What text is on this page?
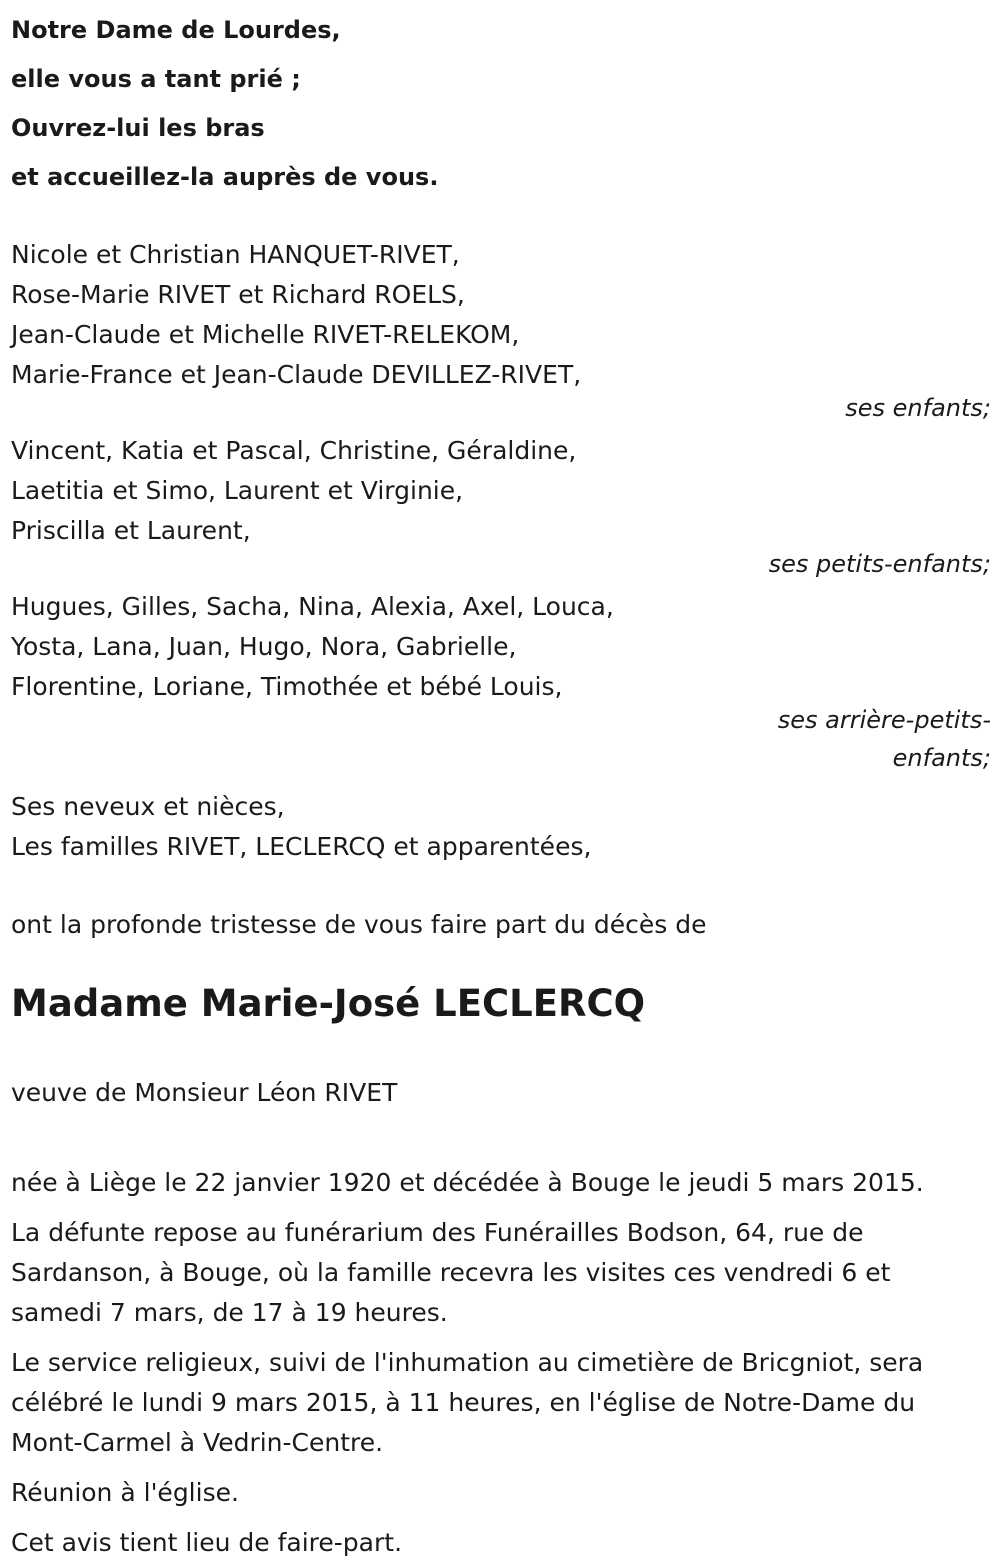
Notre Dame de Lourdes,
elle vous a tant prié ;
Ouvrez-lui les bras
et accueillez-la auprès de vous.
Nicole et Christian HANQUET-RIVET,
Rose-Marie RIVET et Richard ROELS,
Jean-Claude et Michelle RIVET-RELEKOM,
Marie-France et Jean-Claude DEVILLEZ-RIVET,
ses enfants;
Vincent, Katia et Pascal, Christine, Géraldine,
Laetitia et Simo, Laurent et Virginie,
Priscilla et Laurent,
ses petits-enfants;
Hugues, Gilles, Sacha, Nina, Alexia, Axel, Louca,
Yosta, Lana, Juan, Hugo, Nora, Gabrielle,
Florentine, Loriane, Timothée et bébé Louis,
ses arrière-petits-enfants;
Ses neveux et nièces,
Les familles RIVET, LECLERCQ et apparentées,
ont la profonde tristesse de vous faire part du décès de
Madame Marie-José LECLERCQ
veuve de Monsieur Léon RIVET
née à Liège le 22 janvier 1920 et décédée à Bouge le jeudi 5 mars 2015.
La défunte repose au funérarium des Funérailles Bodson, 64, rue de Sardanson, à Bouge, où la famille recevra les visites ces vendredi 6 et samedi 7 mars, de 17 à 19 heures.
Le service religieux, suivi de l'inhumation au cimetière de Bricgniot, sera célébré le lundi 9 mars 2015, à 11 heures, en l'église de Notre-Dame du Mont-Carmel à Vedrin-Centre.
Réunion à l'église.
Cet avis tient lieu de faire-part.
